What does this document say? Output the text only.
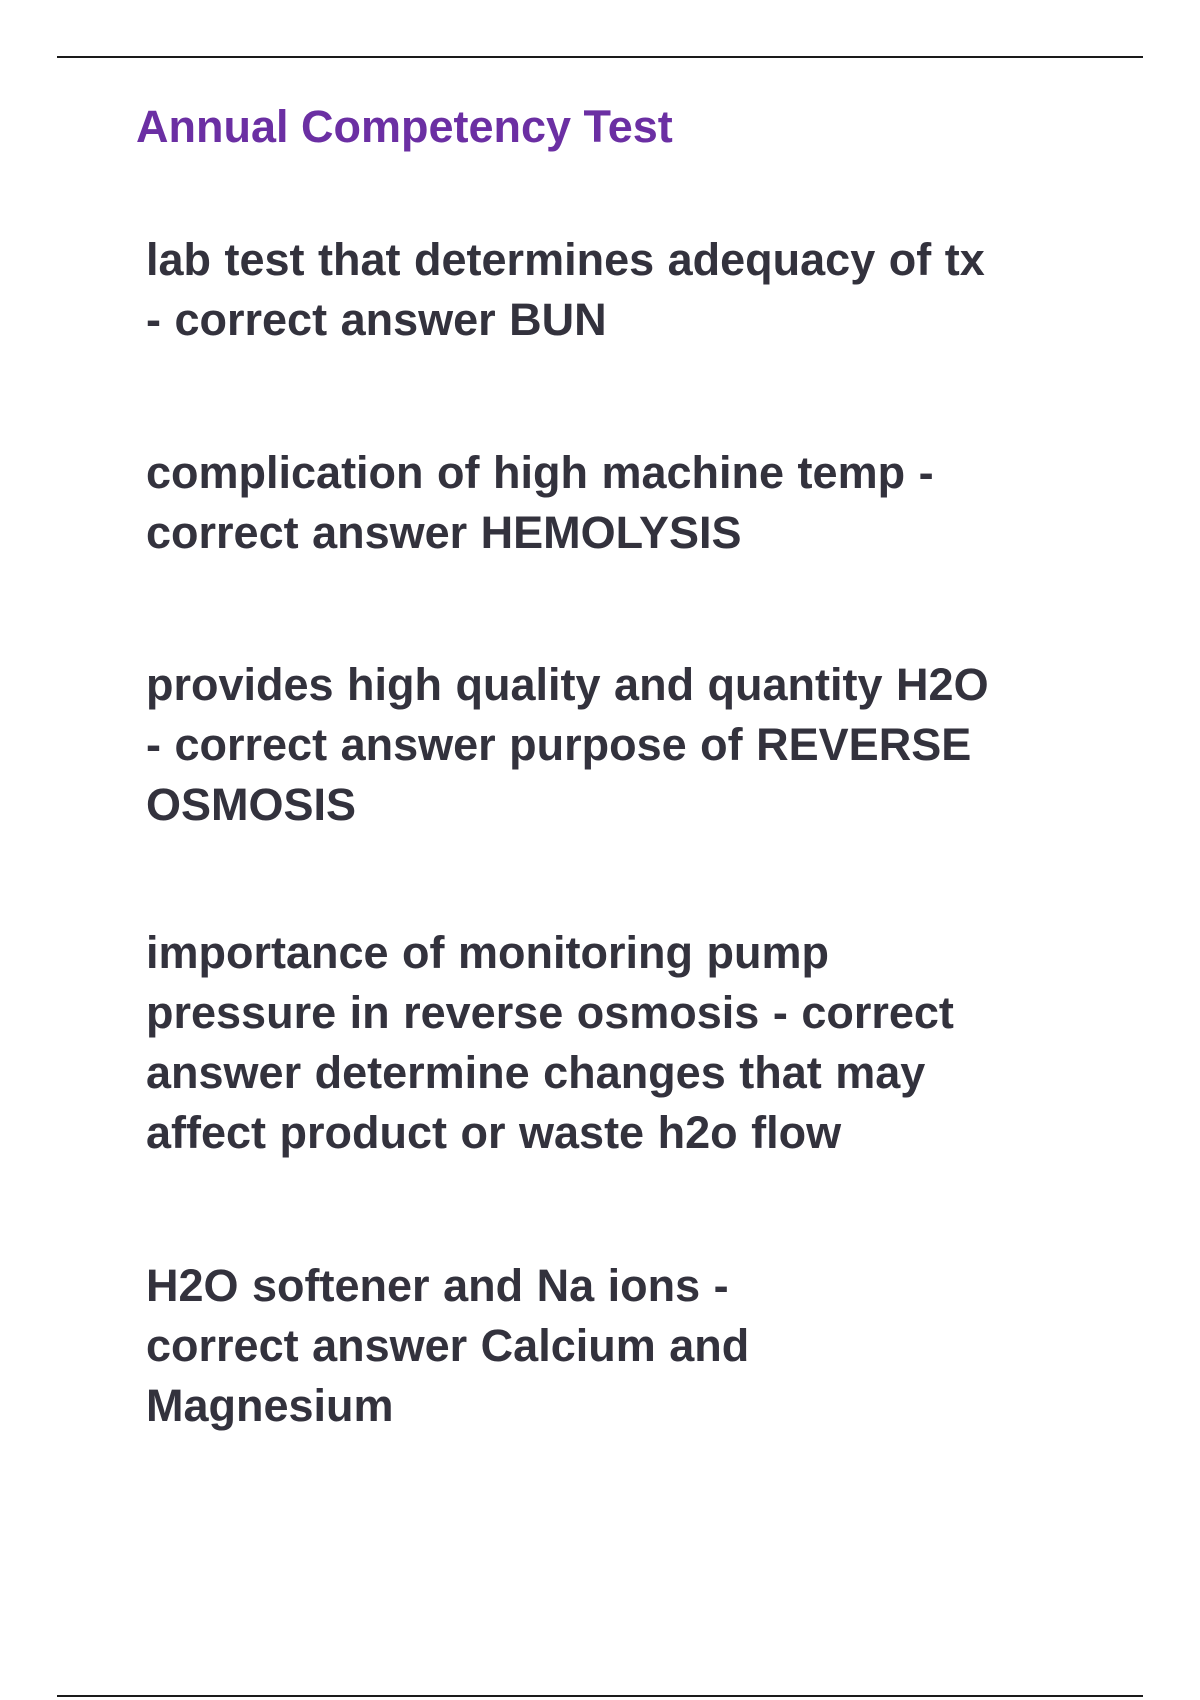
Annual Competency Test
lab test that determines adequacy of tx
- correct answer BUN
complication of high machine temp -
correct answer HEMOLYSIS
provides high quality and quantity H2O
- correct answer purpose of REVERSE
OSMOSIS
importance of monitoring pump
pressure in reverse osmosis - correct
answer determine changes that may
affect product or waste h2o flow
H2O softener and Na ions -
correct answer Calcium and
Magnesium
